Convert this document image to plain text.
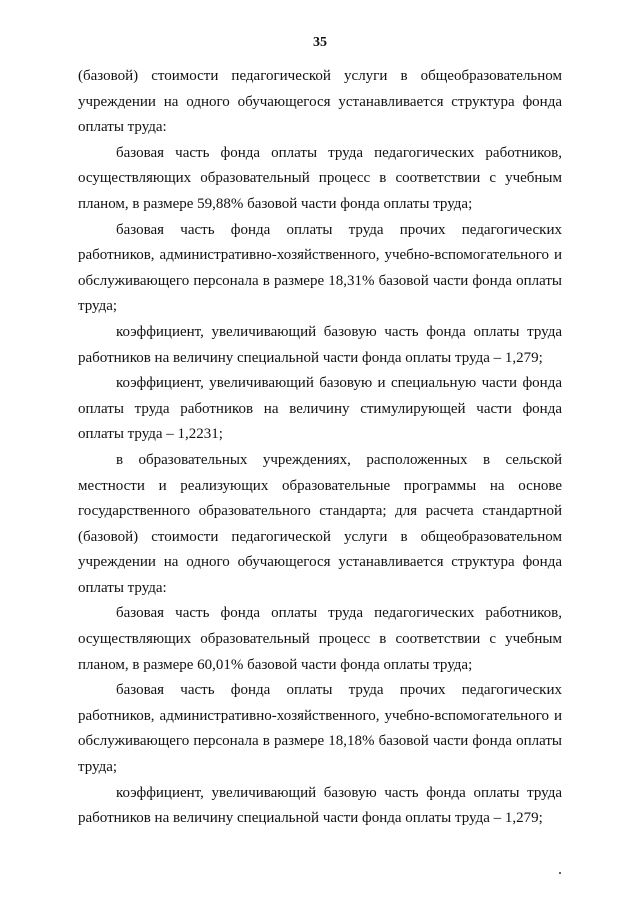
35

(базовой) стоимости педагогической услуги в общеобразовательном учреждении на одного обучающегося устанавливается структура фонда оплаты труда:

базовая часть фонда оплаты труда педагогических работников, осуществляющих образовательный процесс в соответствии с учебным планом, в размере 59,88% базовой части фонда оплаты труда;

базовая часть фонда оплаты труда прочих педагогических работников, административно-хозяйственного, учебно-вспомогательного и обслуживающего персонала в размере 18,31% базовой части фонда оплаты труда;

коэффициент, увеличивающий базовую часть фонда оплаты труда работников на величину специальной части фонда оплаты труда – 1,279;

коэффициент, увеличивающий базовую и специальную части фонда оплаты труда работников на величину стимулирующей части фонда оплаты труда – 1,2231;

в образовательных учреждениях, расположенных в сельской местности и реализующих образовательные программы на основе государственного образовательного стандарта; для расчета стандартной (базовой) стоимости педагогической услуги в общеобразовательном учреждении на одного обучающегося устанавливается структура фонда оплаты труда:

базовая часть фонда оплаты труда педагогических работников, осуществляющих образовательный процесс в соответствии с учебным планом, в размере 60,01% базовой части фонда оплаты труда;

базовая часть фонда оплаты труда прочих педагогических работников, административно-хозяйственного, учебно-вспомогательного и обслуживающего персонала в размере 18,18% базовой части фонда оплаты труда;

коэффициент, увеличивающий базовую часть фонда оплаты труда работников на величину специальной части фонда оплаты труда – 1,279;
